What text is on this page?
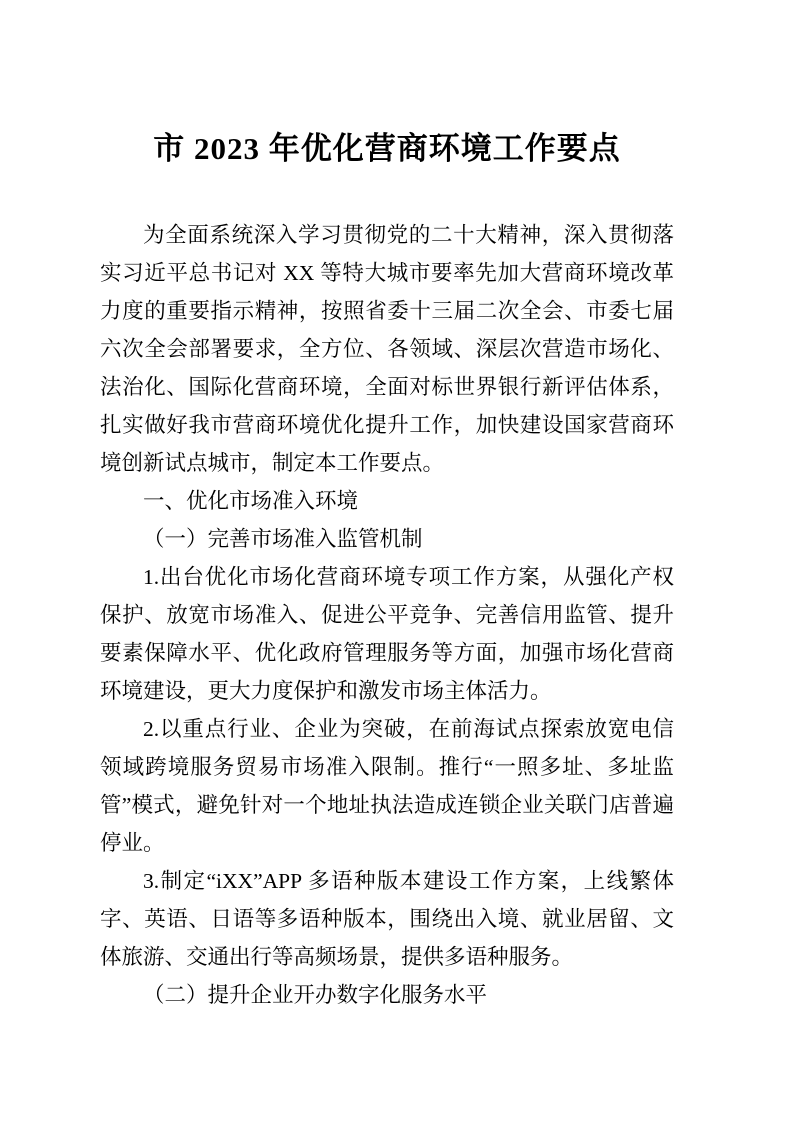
市 2023 年优化营商环境工作要点

为全面系统深入学习贯彻党的二十大精神，深入贯彻落实习近平总书记对 XX 等特大城市要率先加大营商环境改革力度的重要指示精神，按照省委十三届二次全会、市委七届六次全会部署要求，全方位、各领域、深层次营造市场化、 法治化、国际化营商环境，全面对标世界银行新评估体系， 扎实做好我市营商环境优化提升工作，加快建设国家营商环境创新试点城市，制定本工作要点。

一、优化市场准入环境

（一）完善市场准入监管机制

1.出台优化市场化营商环境专项工作方案，从强化产权保护、放宽市场准入、促进公平竞争、完善信用监管、提升要素保障水平、优化政府管理服务等方面，加强市场化营商环境建设，更大力度保护和激发市场主体活力。

2.以重点行业、企业为突破，在前海试点探索放宽电信领域跨境服务贸易市场准入限制。推行“一照多址、多址监管”模式，避免针对一个地址执法造成连锁企业关联门店普遍停业。

3.制定“iXX”APP 多语种版本建设工作方案，上线繁体字、英语、日语等多语种版本，围绕出入境、就业居留、文体旅游、交通出行等高频场景，提供多语种服务。

（二）提升企业开办数字化服务水平
